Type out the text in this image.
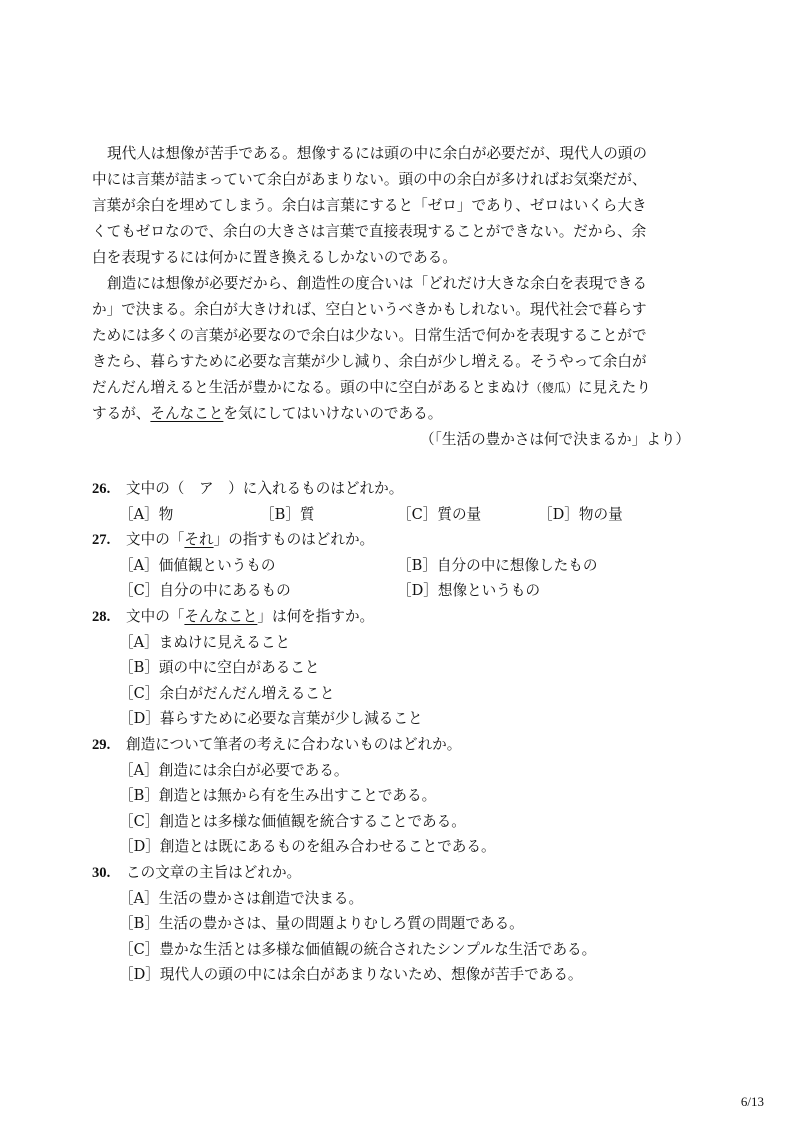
現代人は想像が苦手である。想像するには頭の中に余白が必要だが、現代人の頭の
中には言葉が詰まっていて余白があまりない。頭の中の余白が多ければお気楽だが、
言葉が余白を埋めてしまう。余白は言葉にすると「ゼロ」であり、ゼロはいくら大き
くてもゼロなので、余白の大きさは言葉で直接表現することができない。だから、余
白を表現するには何かに置き換えるしかないのである。
創造には想像が必要だから、創造性の度合いは「どれだけ大きな余白を表現できる
か」で決まる。余白が大きければ、空白というべきかもしれない。現代社会で暮らす
ためには多くの言葉が必要なので余白は少ない。日常生活で何かを表現することがで
きたら、暮らすために必要な言葉が少し減り、余白が少し増える。そうやって余白が
だんだん増えると生活が豊かになる。頭の中に空白があるとまぬけ（傻瓜）に見えたり
するが、そんなことを気にしてはいけないのである。
（「生活の豊かさは何で決まるか」より）
26. 文中の（　ア　）に入れるものはどれか。
［A］物	［B］質	［C］質の量	［D］物の量
27. 文中の「それ」の指すものはどれか。
［A］価値観というもの	［B］自分の中に想像したもの
［C］自分の中にあるもの	［D］想像というもの
28. 文中の「そんなこと」は何を指すか。
［A］まぬけに見えること
［B］頭の中に空白があること
［C］余白がだんだん増えること
［D］暮らすために必要な言葉が少し減ること
29. 創造について筆者の考えに合わないものはどれか。
［A］創造には余白が必要である。
［B］創造とは無から有を生み出すことである。
［C］創造とは多様な価値観を統合することである。
［D］創造とは既にあるものを組み合わせることである。
30. この文章の主旨はどれか。
［A］生活の豊かさは創造で決まる。
［B］生活の豊かさは、量の問題よりむしろ質の問題である。
［C］豊かな生活とは多様な価値観の統合されたシンプルな生活である。
［D］現代人の頭の中には余白があまりないため、想像が苦手である。
6/13
